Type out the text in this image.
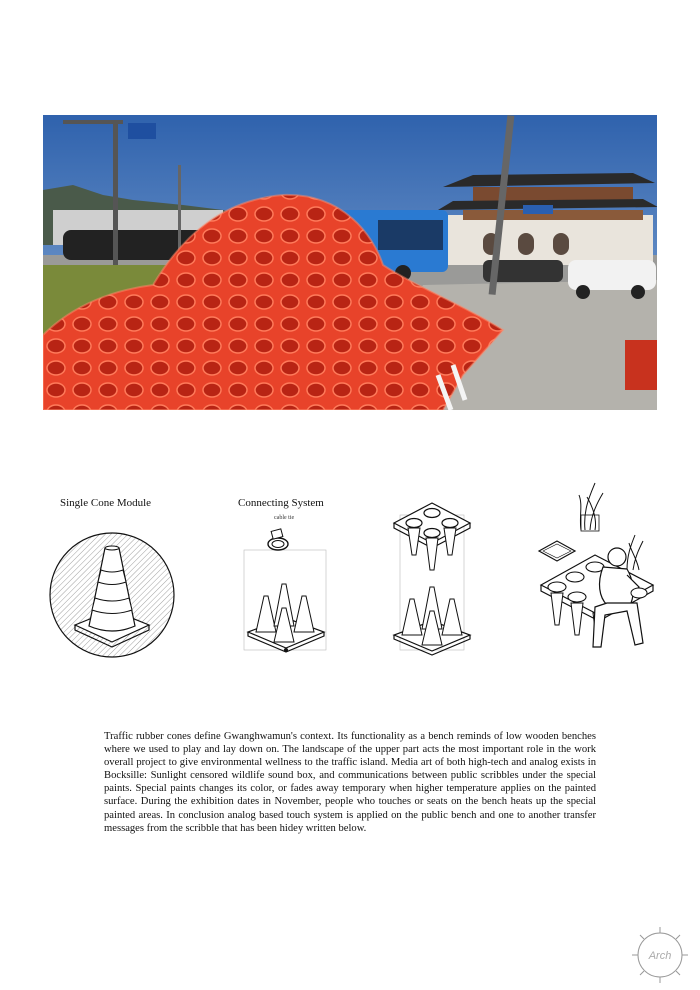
Single Cone Module	Connecting System
cable tie

Traffic rubber cones define Gwanghwamun's context. Its functionality as a bench reminds of low wooden benches where we used to play and lay down on. The landscape of the upper part acts the most important role in the work overall project to give environmental wellness to the traffic island. Media art of both high-tech and analog exists in Bocksille: Sunlight censored wildlife sound box, and communications between public scribbles under the special paints. Special paints changes its color, or fades away temporary when higher temperature applies on the painted surface. During the exhibition dates in November, people who touches or seats on the bench heats up the special painted areas. In conclusion analog based touch system is applied on the public bench and one to another transfer messages from the scribble that has been hidey written below.

Arch
